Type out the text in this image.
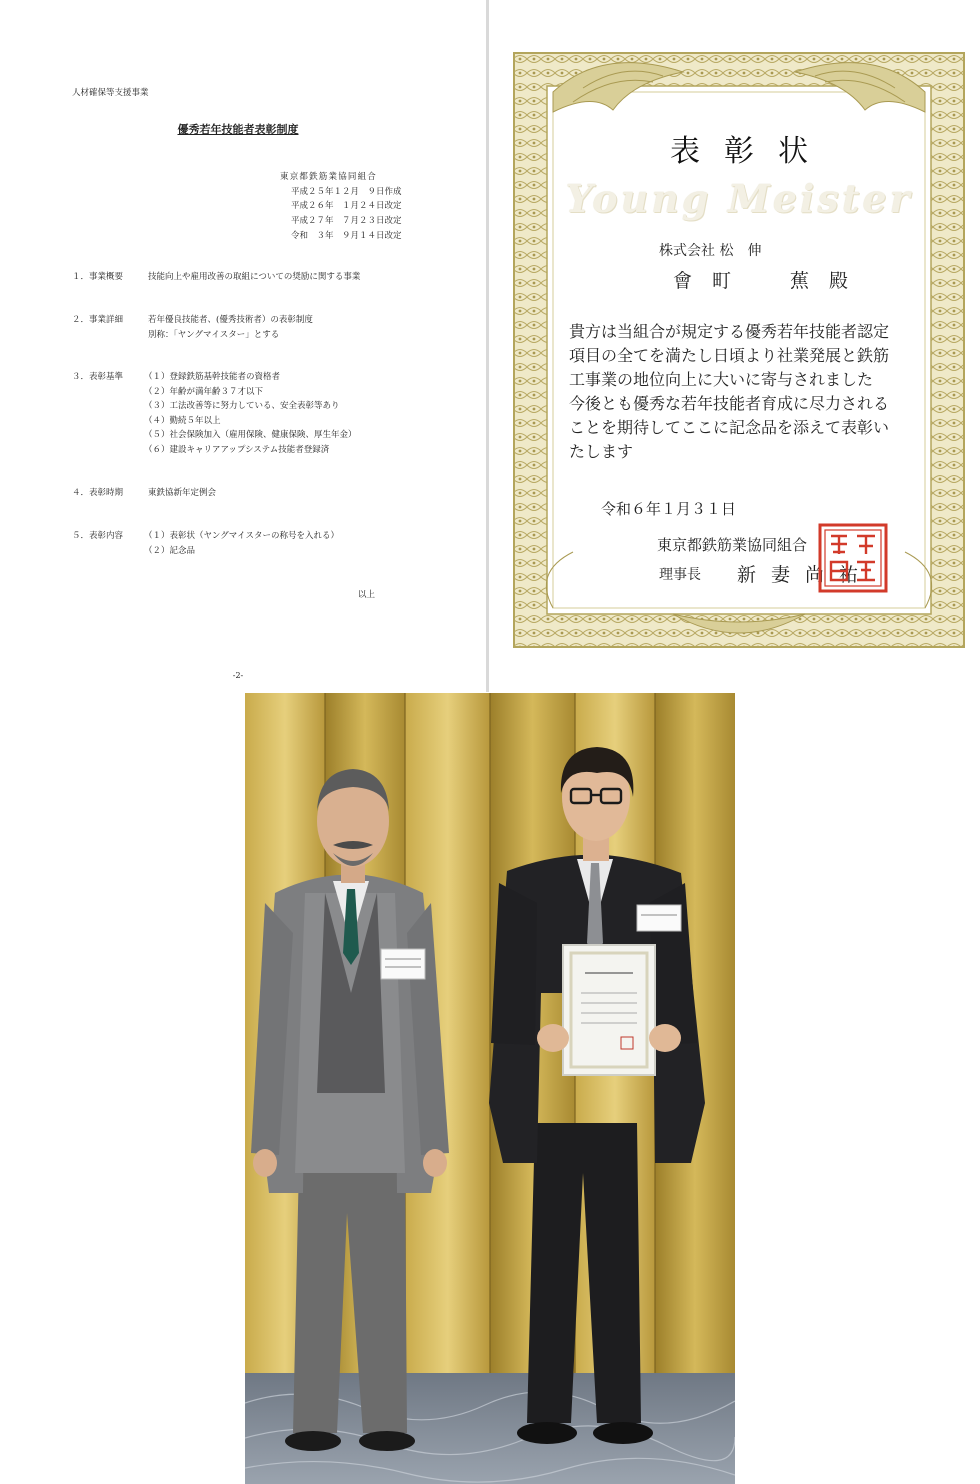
人材確保等支援事業
優秀若年技能者表彰制度
東京都鉄筋業協同組合
平成２５年１２月　９日作成
平成２６年　１月２４日改定
平成２７年　７月２３日改定
令和　３年　９月１４日改定
１．事業概要	技能向上や雇用改善の取組についての奨励に関する事業
２．事業詳細	若年優良技能者、(優秀技術者）の表彰制度
別称：「ヤングマイスター」とする
３．表彰基準 （１）登録鉄筋基幹技能者の資格者
（２）年齢が満年齢３７才以下
（３）工法改善等に努力している、安全表彰等あり
（４）勤続５年以上
（５）社会保険加入（雇用保険、健康保険、厚生年金）
（６）建設キャリアアップシステム技能者登録済
４．表彰時期	東鉄協新年定例会
５．表彰内容 （１）表彰状（ヤングマイスターの称号を入れる）
（２）記念品
以上
-2-
表彰状
Young Meister
株式会社 松　伸
會町　蕉殿
貴方は当組合が規定する優秀若年技能者認定
項目の全てを満たし日頃より社業発展と鉄筋
工事業の地位向上に大いに寄与されました
今後とも優秀な若年技能者育成に尽力される
ことを期待してここに記念品を添えて表彰い
たします
令和６年１月３１日
東京都鉄筋業協同組合
理事長 新妻尚祐
